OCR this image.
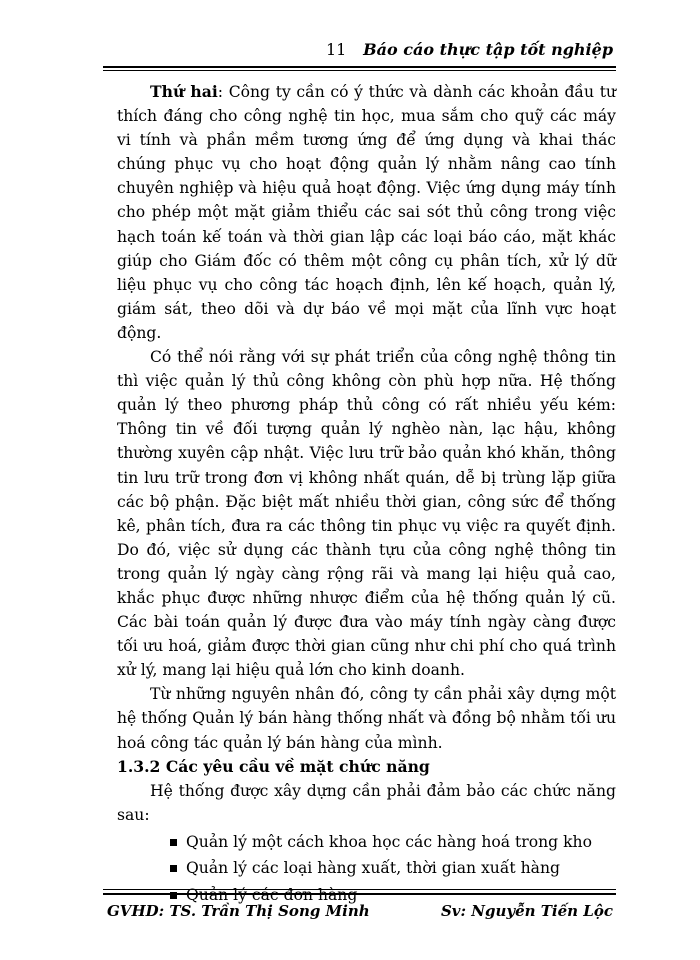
11 Báo cáo thực tập tốt nghiệp

Thứ hai: Công ty cần có ý thức và dành các khoản đầu tư thích đáng cho công nghệ tin học, mua sắm cho quỹ các máy vi tính và phần mềm tương ứng để ứng dụng và khai thác chúng phục vụ cho hoạt động quản lý nhằm nâng cao tính chuyên nghiệp và hiệu quả hoạt động. Việc ứng dụng máy tính cho phép một mặt giảm thiểu các sai sót thủ công trong việc hạch toán kế toán và thời gian lập các loại báo cáo, mặt khác giúp cho Giám đốc có thêm một công cụ phân tích, xử lý dữ liệu phục vụ cho công tác hoạch định, lên kế hoạch, quản lý, giám sát, theo dõi và dự báo về mọi mặt của lĩnh vực hoạt động.

Có thể nói rằng với sự phát triển của công nghệ thông tin thì việc quản lý thủ công không còn phù hợp nữa. Hệ thống quản lý theo phương pháp thủ công có rất nhiều yếu kém: Thông tin về đối tượng quản lý nghèo nàn, lạc hậu, không thường xuyên cập nhật. Việc lưu trữ bảo quản khó khăn, thông tin lưu trữ trong đơn vị không nhất quán, dễ bị trùng lặp giữa các bộ phận. Đặc biệt mất nhiều thời gian, công sức để thống kê, phân tích, đưa ra các thông tin phục vụ việc ra quyết định. Do đó, việc sử dụng các thành tựu của công nghệ thông tin trong quản lý ngày càng rộng rãi và mang lại hiệu quả cao, khắc phục được những nhược điểm của hệ thống quản lý cũ. Các bài toán quản lý được đưa vào máy tính ngày càng được tối ưu hoá, giảm được thời gian cũng như chi phí cho quá trình xử lý, mang lại hiệu quả lớn cho kinh doanh.

Từ những nguyên nhân đó, công ty cần phải xây dựng một hệ thống Quản lý bán hàng thống nhất và đồng bộ nhằm tối ưu hoá công tác quản lý bán hàng của mình.

1.3.2 Các yêu cầu về mặt chức năng

Hệ thống được xây dựng cần phải đảm bảo các chức năng sau:

Quản lý một cách khoa học các hàng hoá trong kho
Quản lý các loại hàng xuất, thời gian xuất hàng
GVHD: TS. Trần Thị Song Minh	Sv: Nguyễn Tiến Lộc
